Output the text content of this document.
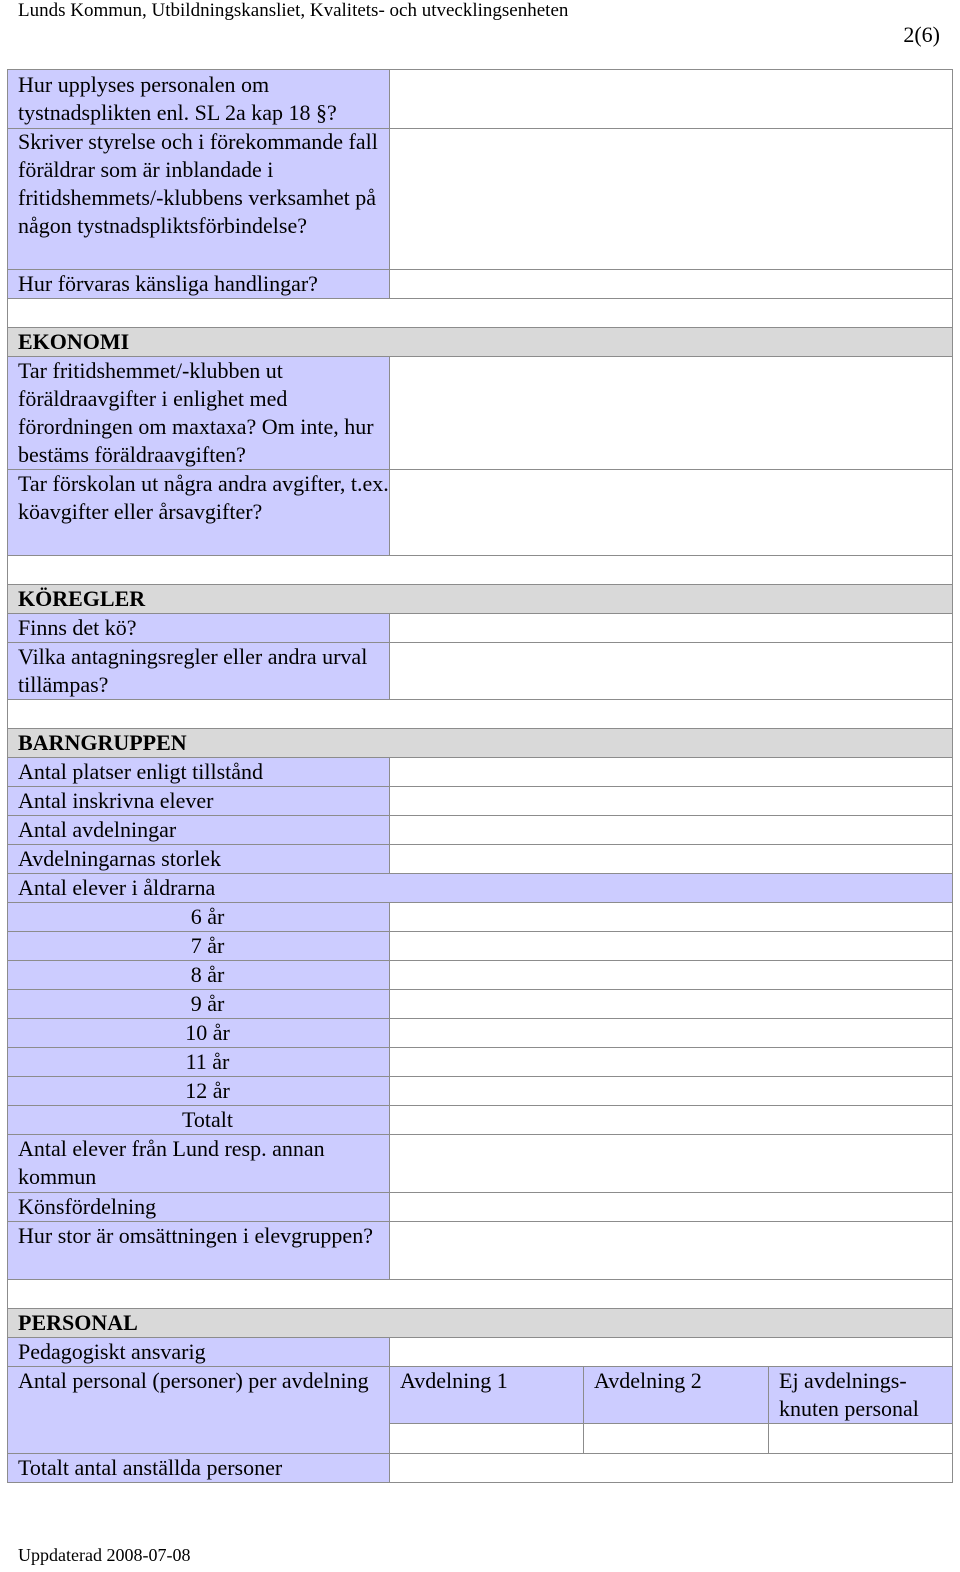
Lunds Kommun, Utbildningskansliet, Kvalitets- och utvecklingsenheten
2(6)
Hur upplyses personalen om tystnadsplikten enl. SL 2a kap 18 §?
Skriver styrelse och i förekommande fall föräldrar som är inblandade i fritidshemmets/-klubbens verksamhet på någon tystnadspliktsförbindelse?
Hur förvaras känsliga handlingar?
EKONOMI
Tar fritidshemmet/-klubben ut föräldraavgifter i enlighet med förordningen om maxtaxa? Om inte, hur bestäms föräldraavgiften?
Tar förskolan ut några andra avgifter, t.ex. köavgifter eller årsavgifter?
KÖREGLER
Finns det kö?
Vilka antagningsregler eller andra urval tillämpas?
BARNGRUPPEN
Antal platser enligt tillstånd
Antal inskrivna elever
Antal avdelningar
Avdelningarnas storlek
Antal elever i åldrarna
6 år
7 år
8 år
9 år
10 år
11 år
12 år
Totalt
Antal elever från Lund resp. annan kommun
Könsfördelning
Hur stor är omsättningen i elevgruppen?
PERSONAL
Pedagogiskt ansvarig
Antal personal (personer) per avdelning	Avdelning 1	Avdelning 2	Ej avdelnings-knuten personal
Totalt antal anställda personer
Uppdaterad 2008-07-08
